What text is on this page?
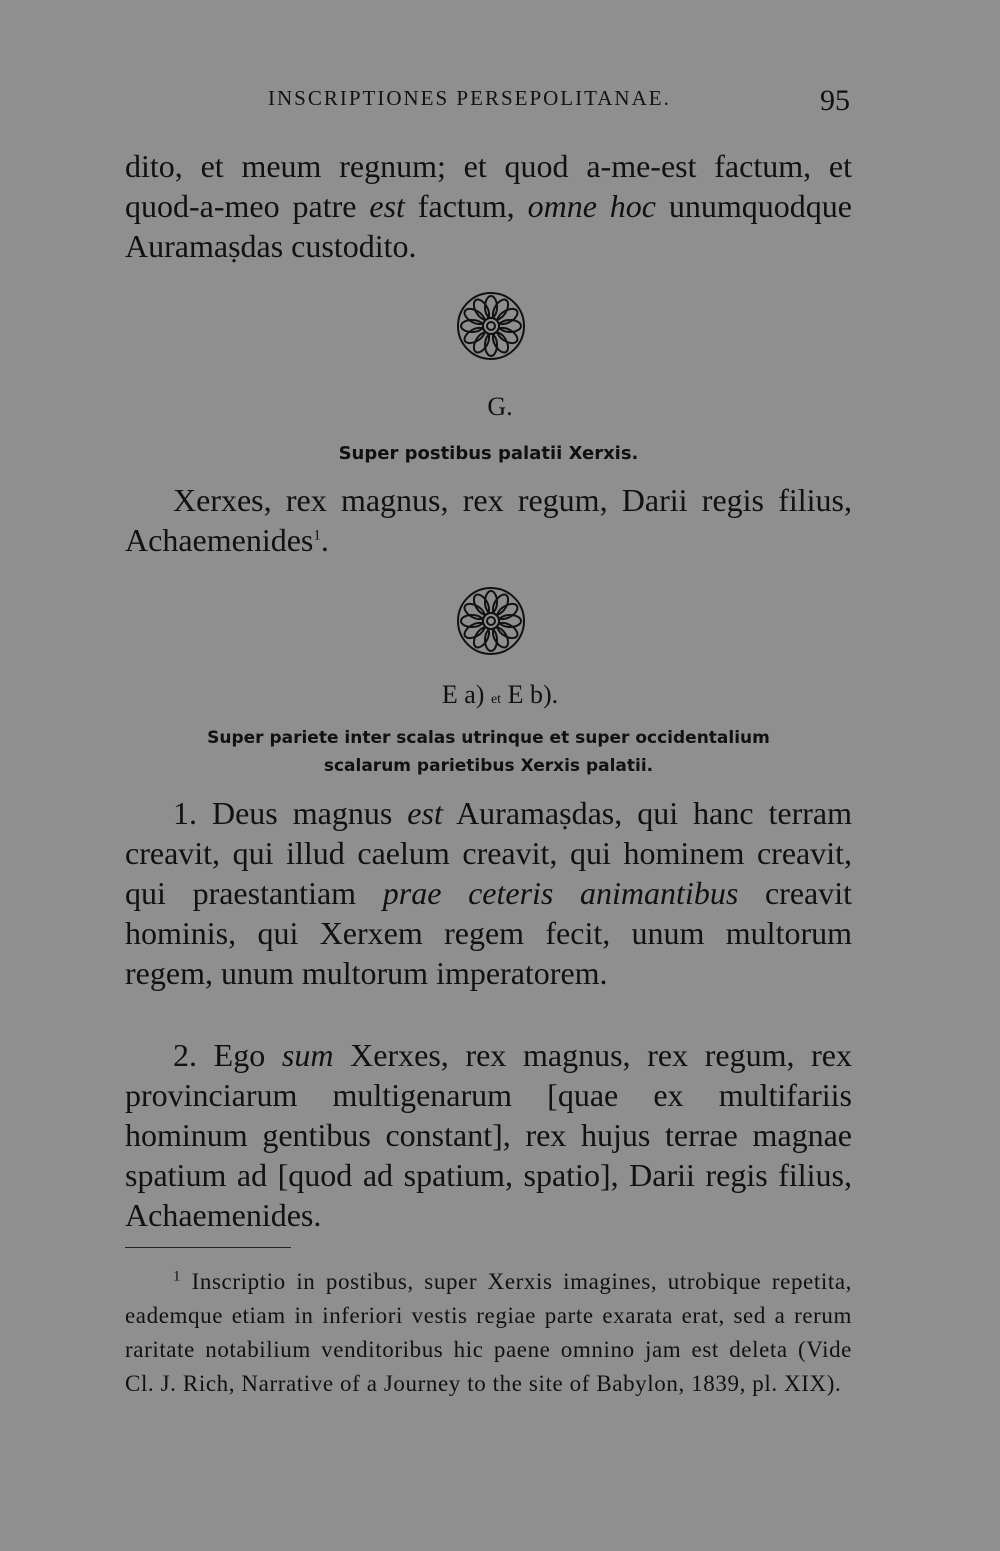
INSCRIPTIONES PERSEPOLITANAE.	95
dito, et meum regnum; et quod a-me-est factum, et quod-a-meo patre est factum, omne hoc unumquodque Auramaṣdas custodito.
G.
Super postibus palatii Xerxis.
Xerxes, rex magnus, rex regum, Darii regis filius, Achaemenides$^1$.
E a) et E b).
Super pariete inter scalas utrinque et super occidentalium
scalarum parietibus Xerxis palatii.
1. Deus magnus est Auramaṣdas, qui hanc terram creavit, qui illud caelum creavit, qui hominem creavit, qui praestantiam prae ceteris animantibus creavit hominis, qui Xerxem regem fecit, unum multorum regem, unum multorum imperatorem.
2. Ego sum Xerxes, rex magnus, rex regum, rex provinciarum multigenarum [quae ex multifariis hominum gentibus constant], rex hujus terrae magnae spatium ad [quod ad spatium, spatio], Darii regis filius, Achaemenides.
$^1$ Inscriptio in postibus, super Xerxis imagines, utrobique repetita, eademque etiam in inferiori vestis regiae parte exarata erat, sed a rerum raritate notabilium venditoribus hic paene omnino jam est deleta (Vide Cl. J. Rich, Narrative of a Journey to the site of Babylon, 1839, pl. XIX).
